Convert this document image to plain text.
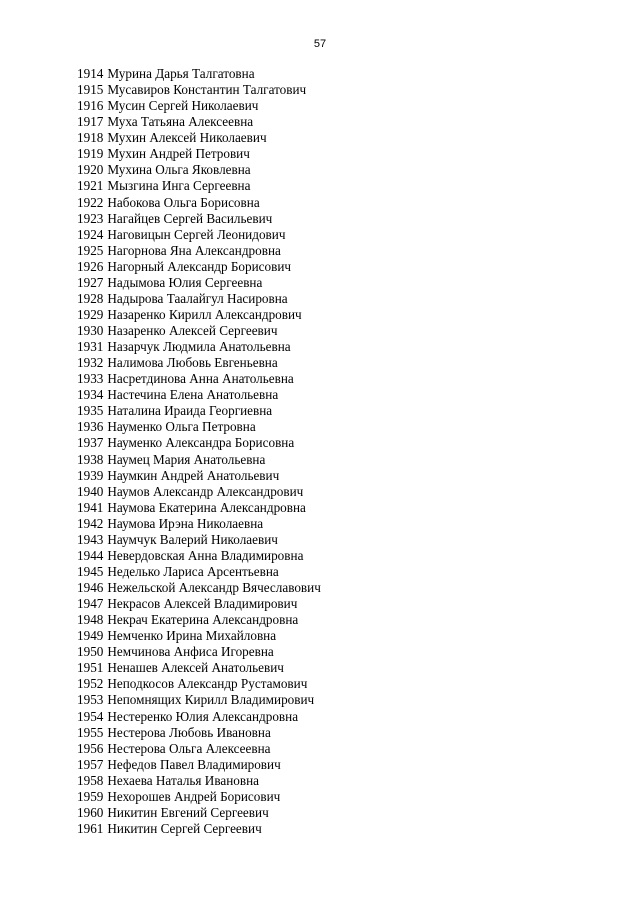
57
1914 Мурина Дарья Талгатовна
1915 Мусавиров Константин Талгатович
1916 Мусин Сергей Николаевич
1917 Муха Татьяна Алексеевна
1918 Мухин Алексей Николаевич
1919 Мухин Андрей Петрович
1920 Мухина Ольга Яковлевна
1921 Мызгина Инга Сергеевна
1922 Набокова Ольга Борисовна
1923 Нагайцев Сергей Васильевич
1924 Наговицын Сергей Леонидович
1925 Нагорнова Яна Александровна
1926 Нагорный Александр Борисович
1927 Надымова Юлия Сергеевна
1928 Надырова Таалайгул Насировна
1929 Назаренко Кирилл Александрович
1930 Назаренко Алексей Сергеевич
1931 Назарчук Людмила Анатольевна
1932 Налимова Любовь Евгеньевна
1933 Насретдинова Анна Анатольевна
1934 Настечина Елена Анатольевна
1935 Наталина Ираида Георгиевна
1936 Науменко Ольга Петровна
1937 Науменко Александра Борисовна
1938 Наумец Мария Анатольевна
1939 Наумкин Андрей Анатольевич
1940 Наумов Александр Александрович
1941 Наумова Екатерина Александровна
1942 Наумова Ирэна Николаевна
1943 Наумчук Валерий Николаевич
1944 Невердовская Анна Владимировна
1945 Неделько Лариса Арсентьевна
1946 Нежельской Александр Вячеславович
1947 Некрасов Алексей Владимирович
1948 Некрач Екатерина Александровна
1949 Немченко Ирина Михайловна
1950 Немчинова Анфиса Игоревна
1951 Ненашев Алексей Анатольевич
1952 Неподкосов Александр Рустамович
1953 Непомнящих Кирилл Владимирович
1954 Нестеренко Юлия Александровна
1955 Нестерова Любовь Ивановна
1956 Нестерова Ольга Алексеевна
1957 Нефедов Павел Владимирович
1958 Нехаева Наталья Ивановна
1959 Нехорошев Андрей Борисович
1960 Никитин Евгений Сергеевич
1961 Никитин Сергей Сергеевич
